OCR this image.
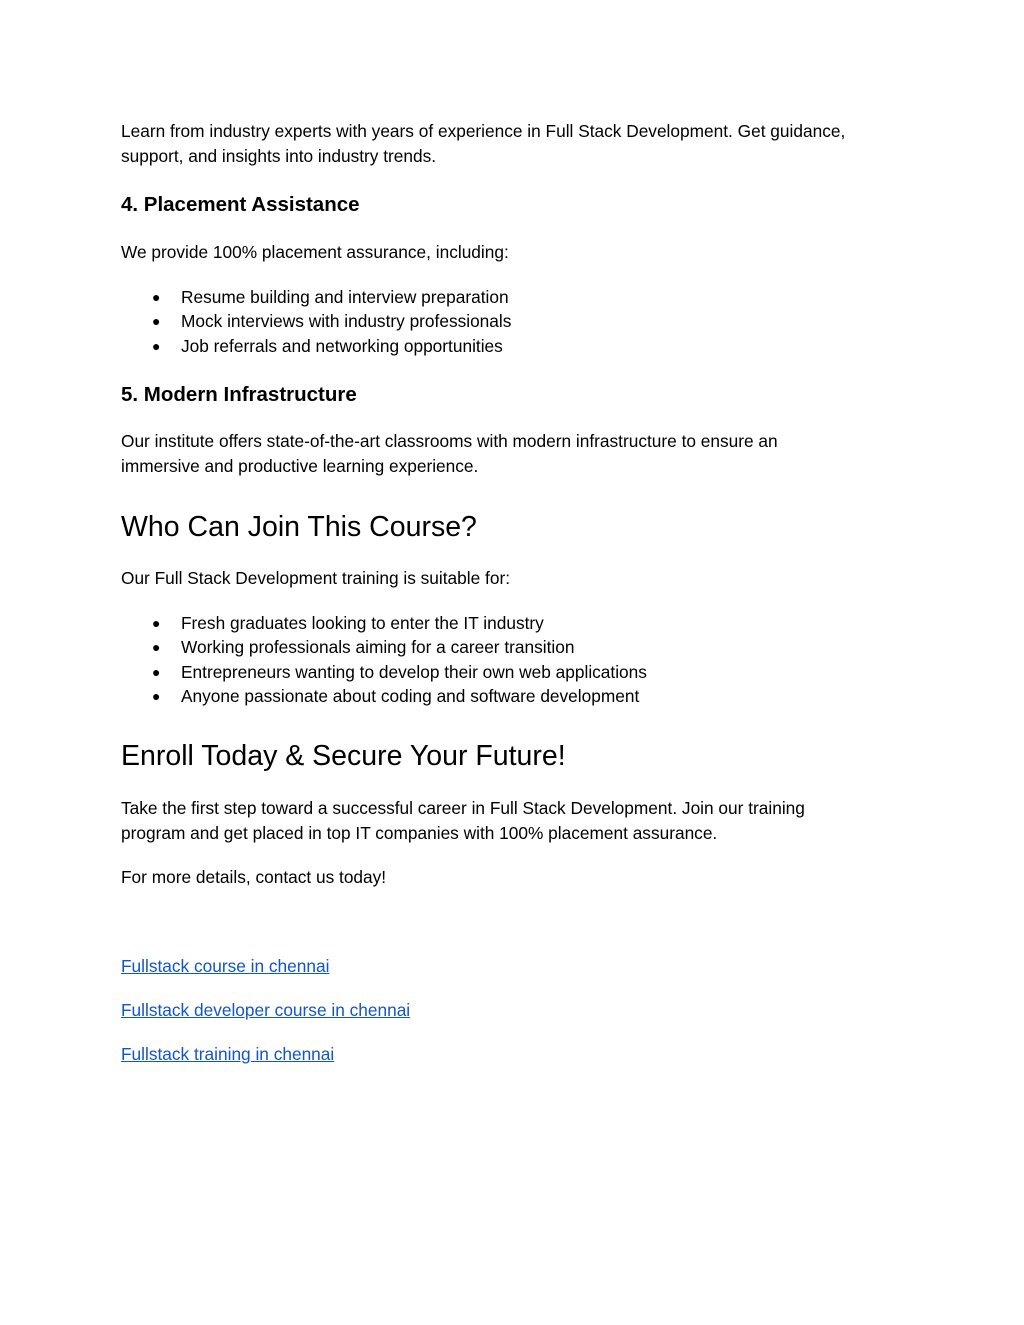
Learn from industry experts with years of experience in Full Stack Development. Get guidance,
support, and insights into industry trends.

4. Placement Assistance

We provide 100% placement assurance, including:

● Resume building and interview preparation
● Mock interviews with industry professionals
● Job referrals and networking opportunities
5. Modern Infrastructure

Our institute offers state-of-the-art classrooms with modern infrastructure to ensure an
immersive and productive learning experience.

Who Can Join This Course?

Our Full Stack Development training is suitable for:

● Fresh graduates looking to enter the IT industry
● Working professionals aiming for a career transition
● Entrepreneurs wanting to develop their own web applications
● Anyone passionate about coding and software development
Enroll Today & Secure Your Future!

Take the first step toward a successful career in Full Stack Development. Join our training
program and get placed in top IT companies with 100% placement assurance.

For more details, contact us today!

Fullstack course in chennai
Fullstack developer course in chennai
Fullstack training in chennai
